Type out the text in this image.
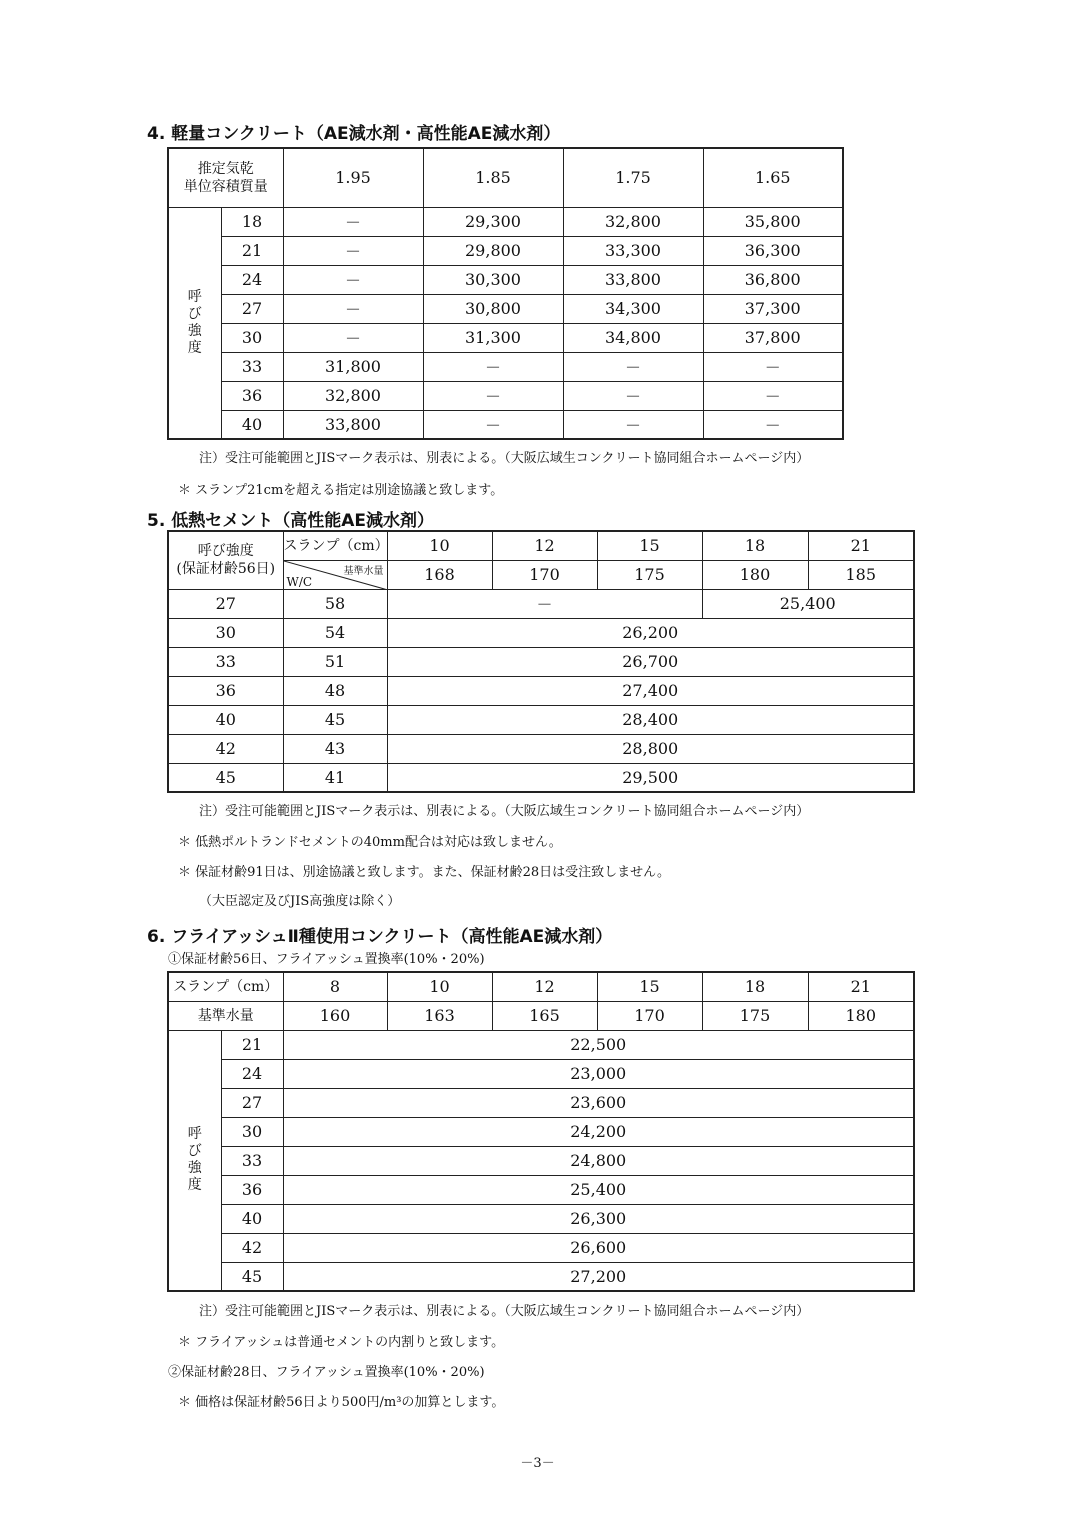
4. 軽量コンクリート（AE減水剤・高性能AE減水剤）
推定気乾
単位容積質量		1.95	1.85	1.75	1.65

呼
び
強
度	18	－	29,300	32,800	35,800
	21	－	29,800	33,300	36,300
	24	－	30,300	33,800	36,800
	27	－	30,800	34,300	37,300
	30	－	31,300	34,800	37,800
	33	31,800	－	－	－
	36	32,800	－	－	－
	40	33,800	－	－	－
注）受注可能範囲とJISマーク表示は、別表による。（大阪広域生コンクリート協同組合ホームページ内）
＊ スランプ21cmを超える指定は別途協議と致します。
5. 低熱セメント（高性能AE減水剤）
呼び強度
(保証材齢56日)	スランプ（cm）	10	12	15	18	21

	基準水量
W/C	168	170	175	180	185
27	58	－			25,400	
30	54	26,200				
33	51	26,700				
36	48	27,400				
40	45	28,400				
42	43	28,800				
45	41	29,500				
注）受注可能範囲とJISマーク表示は、別表による。（大阪広域生コンクリート協同組合ホームページ内）
＊ 低熱ポルトランドセメントの40mm配合は対応は致しません。
＊ 保証材齢91日は、別途協議と致します。また、保証材齢28日は受注致しません。
（大臣認定及びJIS高強度は除く）
6. フライアッシュⅡ種使用コンクリート（高性能AE減水剤）
①保証材齢56日、フライアッシュ置換率(10%・20%)
スランプ（cm）		8	10	12	15	18	21
基準水量		160	163	165	170	175	180

呼
び
強
度	21	22,500					
	24	23,000					
	27	23,600					
	30	24,200					
	33	24,800					
	36	25,400					
	40	26,300					
	42	26,600					
	45	27,200					
注）受注可能範囲とJISマーク表示は、別表による。（大阪広域生コンクリート協同組合ホームページ内）
＊ フライアッシュは普通セメントの内割りと致します。
②保証材齢28日、フライアッシュ置換率(10%・20%)
＊ 価格は保証材齢56日より500円/m³の加算とします。
－3－
